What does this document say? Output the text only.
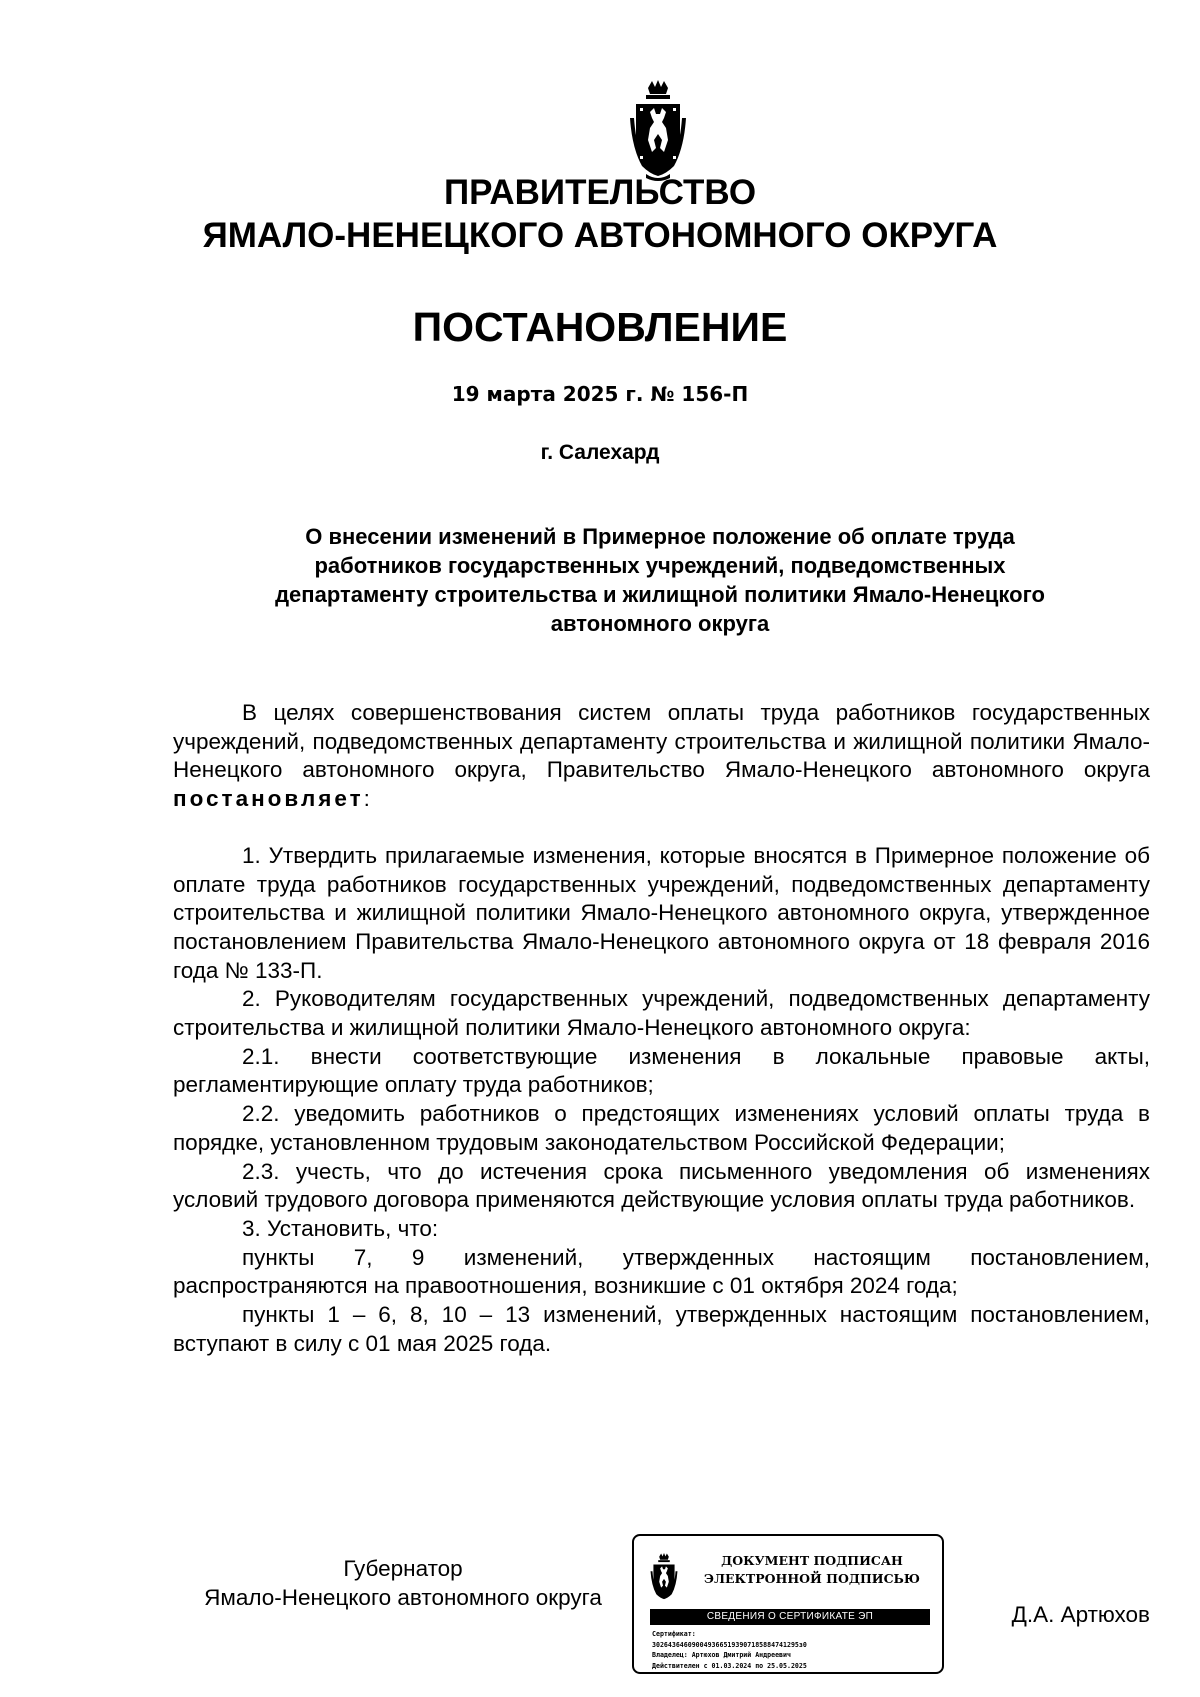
ПРАВИТЕЛЬСТВО
ЯМАЛО-НЕНЕЦКОГО АВТОНОМНОГО ОКРУГА
ПОСТАНОВЛЕНИЕ
19 марта 2025 г. № 156-П
г. Салехард
О внесении изменений в Примерное положение об оплате труда
работников государственных учреждений, подведомственных
департаменту строительства и жилищной политики Ямало-Ненецкого
автономного округа

В целях совершенствования систем оплаты труда работников государственных учреждений, подведомственных департаменту строительства и жилищной политики Ямало-Ненецкого автономного округа, Правительство Ямало-Ненецкого автономного округа постановляет:

1. Утвердить прилагаемые изменения, которые вносятся в Примерное положение об оплате труда работников государственных учреждений, подведомственных департаменту строительства и жилищной политики Ямало-Ненецкого автономного округа, утвержденное постановлением Правительства Ямало-Ненецкого автономного округа от 18 февраля 2016 года № 133-П.

2. Руководителям государственных учреждений, подведомственных департаменту строительства и жилищной политики Ямало-Ненецкого автономного округа:

2.1. внести соответствующие изменения в локальные правовые акты, регламентирующие оплату труда работников;

2.2. уведомить работников о предстоящих изменениях условий оплаты труда в порядке, установленном трудовым законодательством Российской Федерации;

2.3. учесть, что до истечения срока письменного уведомления об изменениях условий трудового договора применяются действующие условия оплаты труда работников.

3. Установить, что:

пункты 7, 9 изменений, утвержденных настоящим постановлением, распространяются на правоотношения, возникшие с 01 октября 2024 года;

пункты 1 – 6, 8, 10 – 13 изменений, утвержденных настоящим постановлением, вступают в силу с 01 мая 2025 года.

Губернатор
Ямало-Ненецкого автономного округа
ДОКУМЕНТ ПОДПИСАН
ЭЛЕКТРОННОЙ ПОДПИСЬЮ
СВЕДЕНИЯ О СЕРТИФИКАТЕ ЭП
Сертификат:
3026436460900493665193907185884741295з0
Владелец: Артюхов Дмитрий Андреевич
Действителен с 01.03.2024 по 25.05.2025
Д.А. Артюхов
